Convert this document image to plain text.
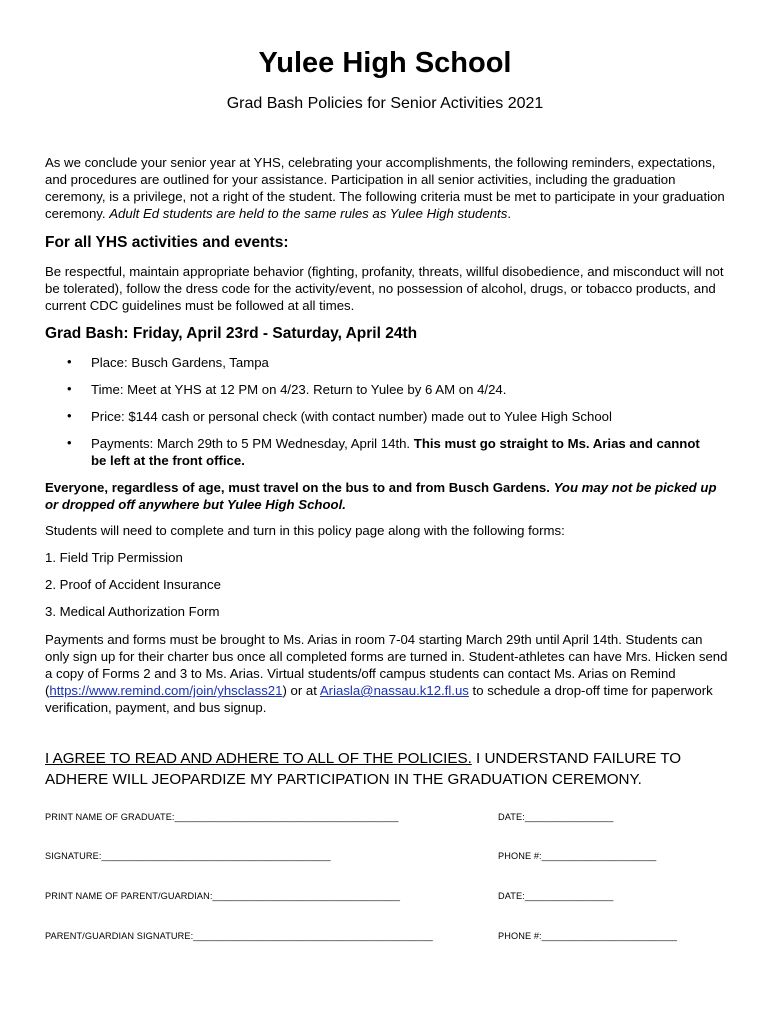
Yulee High School
Grad Bash Policies for Senior Activities 2021

As we conclude your senior year at YHS, celebrating your accomplishments, the following reminders, expectations, and procedures are outlined for your assistance. Participation in all senior activities, including the graduation ceremony, is a privilege, not a right of the student. The following criteria must be met to participate in your graduation ceremony. Adult Ed students are held to the same rules as Yulee High students.

For all YHS activities and events:

Be respectful, maintain appropriate behavior (fighting, profanity, threats, willful disobedience, and misconduct will not be tolerated), follow the dress code for the activity/event, no possession of alcohol, drugs, or tobacco products, and current CDC guidelines must be followed at all times.

Grad Bash: Friday, April 23rd - Saturday, April 24th
• Place: Busch Gardens, Tampa
• Time: Meet at YHS at 12 PM on 4/23. Return to Yulee by 6 AM on 4/24.
• Price: $144 cash or personal check (with contact number) made out to Yulee High School
• Payments: March 29th to 5 PM Wednesday, April 14th. This must go straight to Ms. Arias and cannot be left at the front office.

Everyone, regardless of age, must travel on the bus to and from Busch Gardens. You may not be picked up or dropped off anywhere but Yulee High School.

Students will need to complete and turn in this policy page along with the following forms:
1. Field Trip Permission
2. Proof of Accident Insurance
3. Medical Authorization Form

Payments and forms must be brought to Ms. Arias in room 7-04 starting March 29th until April 14th. Students can only sign up for their charter bus once all completed forms are turned in. Student-athletes can have Mrs. Hicken send a copy of Forms 2 and 3 to Ms. Arias. Virtual students/off campus students can contact Ms. Arias on Remind (https://www.remind.com/join/yhsclass21) or at Ariasla@nassau.k12.fl.us to schedule a drop-off time for paperwork verification, payment, and bus signup.

I AGREE TO READ AND ADHERE TO ALL OF THE POLICIES. I UNDERSTAND FAILURE TO ADHERE WILL JEOPARDIZE MY PARTICIPATION IN THE GRADUATION CEREMONY.
PRINT NAME OF GRADUATE:___________________________________________	DATE:_________________
SIGNATURE:____________________________________________	PHONE #:______________________
PRINT NAME OF PARENT/GUARDIAN:____________________________________	DATE:_________________
PARENT/GUARDIAN SIGNATURE:______________________________________________	PHONE #:__________________________
